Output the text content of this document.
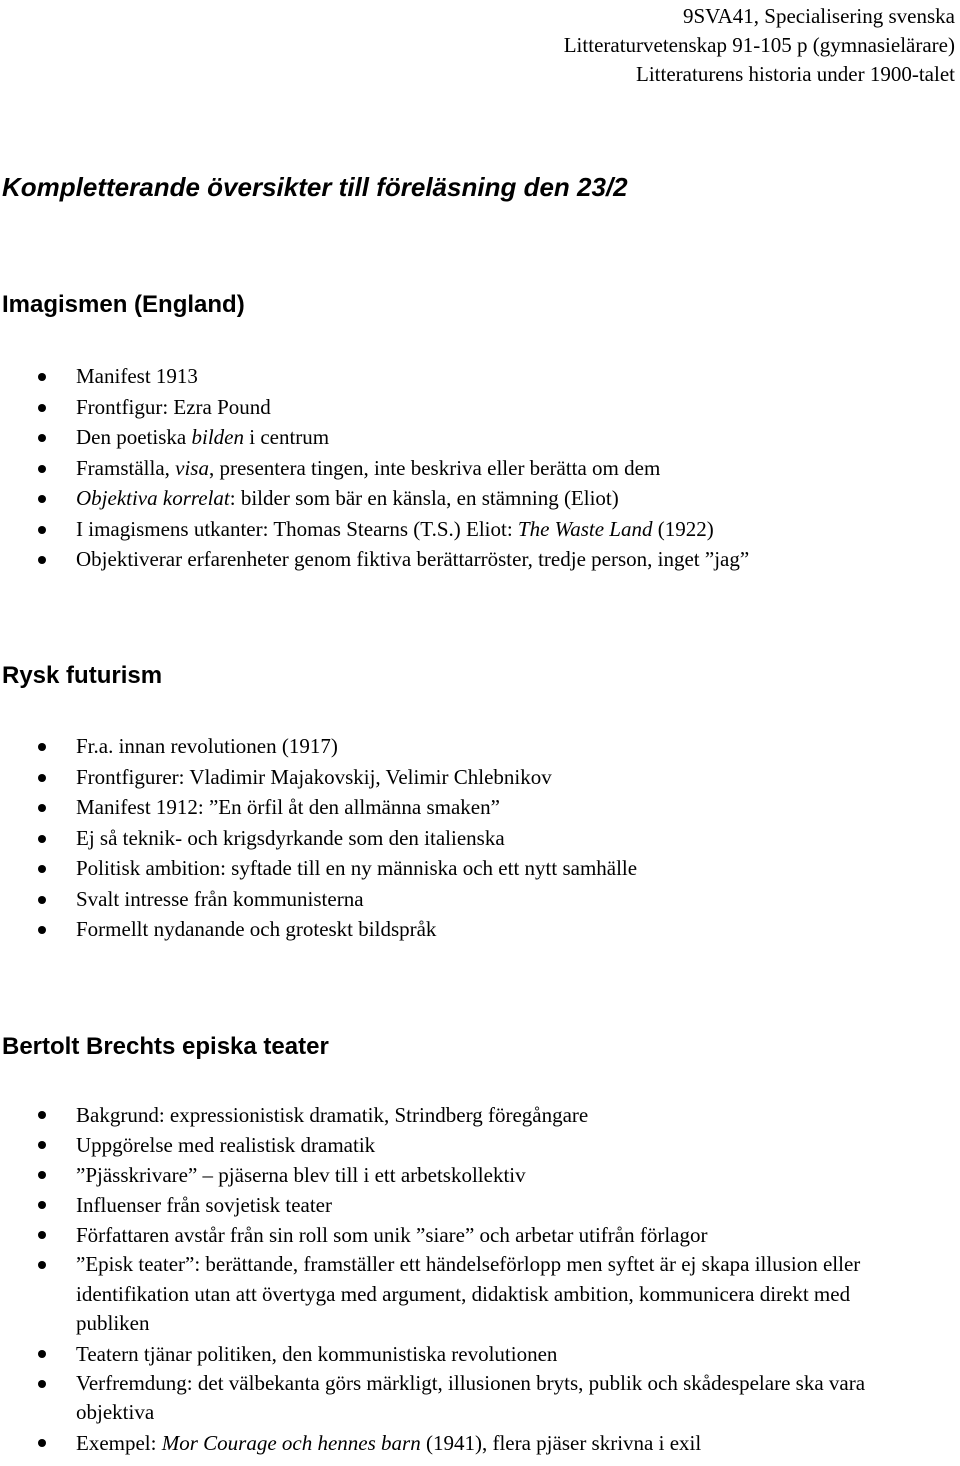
9SVA41, Specialisering svenska
Litteraturvetenskap 91-105 p (gymnasielärare)
Litteraturens historia under 1900-talet
Kompletterande översikter till föreläsning den 23/2
Imagismen (England)
Manifest 1913
Frontfigur: Ezra Pound
Den poetiska bilden i centrum
Framställa, visa, presentera tingen, inte beskriva eller berätta om dem
Objektiva korrelat: bilder som bär en känsla, en stämning (Eliot)
I imagismens utkanter: Thomas Stearns (T.S.) Eliot: The Waste Land (1922)
Objektiverar erfarenheter genom fiktiva berättarröster, tredje person, inget ”jag”
Rysk futurism
Fr.a. innan revolutionen (1917)
Frontfigurer: Vladimir Majakovskij, Velimir Chlebnikov
Manifest 1912: ”En örfil åt den allmänna smaken”
Ej så teknik- och krigsdyrkande som den italienska
Politisk ambition: syftade till en ny människa och ett nytt samhälle
Svalt intresse från kommunisterna
Formellt nydanande och groteskt bildspråk
Bertolt Brechts episka teater
Bakgrund: expressionistisk dramatik, Strindberg föregångare
Uppgörelse med realistisk dramatik
”Pjässkrivare” – pjäserna blev till i ett arbetskollektiv
Influenser från sovjetisk teater
Författaren avstår från sin roll som unik ”siare” och arbetar utifrån förlagor
”Episk teater”: berättande, framställer ett händelseförlopp men syftet är ej skapa illusion eller identifikation utan att övertyga med argument, didaktisk ambition, kommunicera direkt med publiken
Teatern tjänar politiken, den kommunistiska revolutionen
Verfremdung: det välbekanta görs märkligt, illusionen bryts, publik och skådespelare ska vara objektiva
Exempel: Mor Courage och hennes barn (1941), flera pjäser skrivna i exil
